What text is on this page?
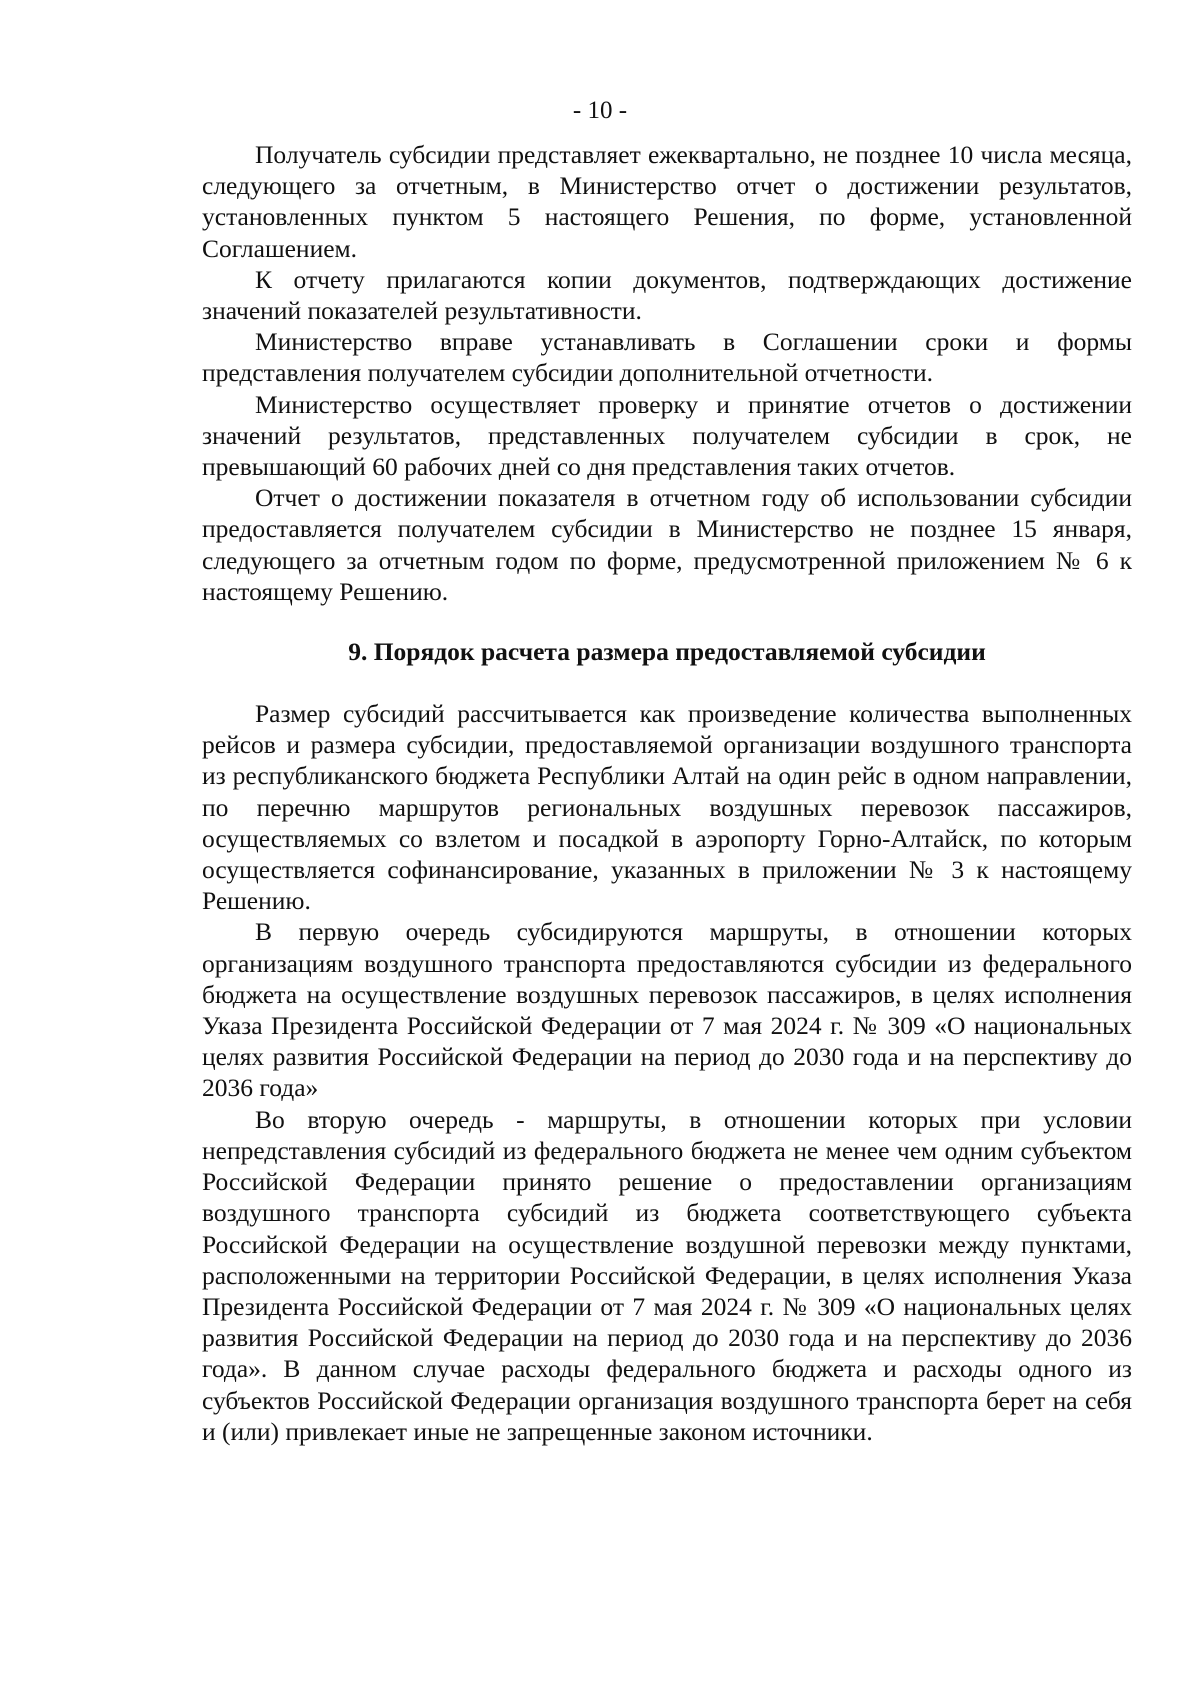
- 10 -

Получатель субсидии представляет ежеквартально, не позднее 10 числа месяца, следующего за отчетным, в Министерство отчет о достижении результатов, установленных пунктом 5 настоящего Решения, по форме, установленной Соглашением.

К отчету прилагаются копии документов, подтверждающих достижение значений показателей результативности.

Министерство вправе устанавливать в Соглашении сроки и формы представления получателем субсидии дополнительной отчетности.

Министерство осуществляет проверку и принятие отчетов о достижении значений результатов, представленных получателем субсидии в срок, не превышающий 60 рабочих дней со дня представления таких отчетов.

Отчет о достижении показателя в отчетном году об использовании субсидии предоставляется получателем субсидии в Министерство не позднее 15 января, следующего за отчетным годом по форме, предусмотренной приложением № 6 к настоящему Решению.

9. Порядок расчета размера предоставляемой субсидии

Размер субсидий рассчитывается как произведение количества выполненных рейсов и размера субсидии, предоставляемой организации воздушного транспорта из республиканского бюджета Республики Алтай на один рейс в одном направлении, по перечню маршрутов региональных воздушных перевозок пассажиров, осуществляемых со взлетом и посадкой в аэропорту Горно-Алтайск, по которым осуществляется софинансирование, указанных в приложении № 3 к настоящему Решению.

В первую очередь субсидируются маршруты, в отношении которых организациям воздушного транспорта предоставляются субсидии из федерального бюджета на осуществление воздушных перевозок пассажиров, в целях исполнения Указа Президента Российской Федерации от 7 мая 2024 г. № 309 «О национальных целях развития Российской Федерации на период до 2030 года и на перспективу до 2036 года»

Во вторую очередь - маршруты, в отношении которых при условии непредставления субсидий из федерального бюджета не менее чем одним субъектом Российской Федерации принято решение о предоставлении организациям воздушного транспорта субсидий из бюджета соответствующего субъекта Российской Федерации на осуществление воздушной перевозки между пунктами, расположенными на территории Российской Федерации, в целях исполнения Указа Президента Российской Федерации от 7 мая 2024 г. № 309 «О национальных целях развития Российской Федерации на период до 2030 года и на перспективу до 2036 года». В данном случае расходы федерального бюджета и расходы одного из субъектов Российской Федерации организация воздушного транспорта берет на себя и (или) привлекает иные не запрещенные законом источники.
